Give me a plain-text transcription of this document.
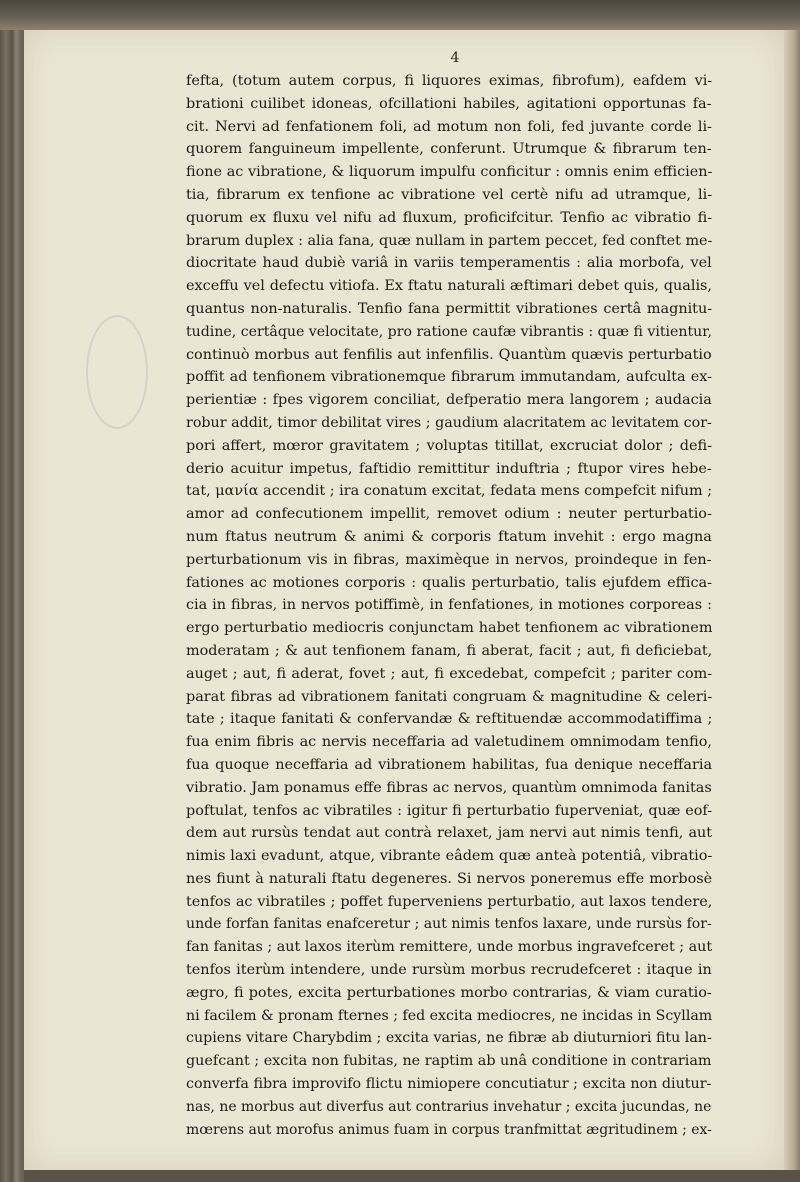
4
fefta, (totum autem corpus, fi liquores eximas, fibrofum), eafdem vi-
brationi cuilibet idoneas, ofcillationi habiles, agitationi opportunas fa-
cit. Nervi ad fenfationem foli, ad motum non foli, fed juvante corde li-
quorem fanguineum impellente, conferunt. Utrumque & fibrarum ten-
fione ac vibratione, & liquorum impulfu conficitur : omnis enim efficien-
tia, fibrarum ex tenfione ac vibratione vel certè nifu ad utramque, li-
quorum ex fluxu vel nifu ad fluxum, proficifcitur. Tenfio ac vibratio fi-
brarum duplex : alia fana, quæ nullam in partem peccet, fed conftet me-
diocritate haud dubiè variâ in variis temperamentis : alia morbofa, vel
exceffu vel defectu vitiofa. Ex ftatu naturali æftimari debet quis, qualis,
quantus non-naturalis. Tenfio fana permittit vibrationes certâ magnitu-
tudine, certâque velocitate, pro ratione caufæ vibrantis : quæ fi vitientur,
continuò morbus aut fenfilis aut infenfilis. Quantùm quævis perturbatio
poffit ad tenfionem vibrationemque fibrarum immutandam, aufculta ex-
perientiæ : fpes vigorem conciliat, defperatio mera langorem ; audacia
robur addit, timor debilitat vires ; gaudium alacritatem ac levitatem cor-
pori affert, mœror gravitatem ; voluptas titillat, excruciat dolor ; defi-
derio acuitur impetus, faftidio remittitur induftria ; ftupor vires hebe-
tat, μανία accendit ; ira conatum excitat, fedata mens compefcit nifum ;
amor ad confecutionem impellit, removet odium : neuter perturbatio-
num ftatus neutrum & animi & corporis ftatum invehit : ergo magna
perturbationum vis in fibras, maximèque in nervos, proindeque in fen-
fationes ac motiones corporis : qualis perturbatio, talis ejufdem effica-
cia in fibras, in nervos potiffimè, in fenfationes, in motiones corporeas :
ergo perturbatio mediocris conjunctam habet tenfionem ac vibrationem
moderatam ; & aut tenfionem fanam, fi aberat, facit ; aut, fi deficiebat,
auget ; aut, fi aderat, fovet ; aut, fi excedebat, compefcit ; pariter com-
parat fibras ad vibrationem fanitati congruam & magnitudine & celeri-
tate ; itaque fanitati & confervandæ & reftituendæ accommodatiffima ;
fua enim fibris ac nervis neceffaria ad valetudinem omnimodam tenfio,
fua quoque neceffaria ad vibrationem habilitas, fua denique neceffaria
vibratio. Jam ponamus effe fibras ac nervos, quantùm omnimoda fanitas
poftulat, tenfos ac vibratiles : igitur fi perturbatio fuperveniat, quæ eof-
dem aut rursùs tendat aut contrà relaxet, jam nervi aut nimis tenfi, aut
nimis laxi evadunt, atque, vibrante eâdem quæ anteà potentiâ, vibratio-
nes fiunt à naturali ftatu degeneres. Si nervos poneremus effe morbosè
tenfos ac vibratiles ; poffet fuperveniens perturbatio, aut laxos tendere,
unde forfan fanitas enafceretur ; aut nimis tenfos laxare, unde rursùs for-
fan fanitas ; aut laxos iterùm remittere, unde morbus ingravefceret ; aut
tenfos iterùm intendere, unde rursùm morbus recrudefceret : itaque in
ægro, fi potes, excita perturbationes morbo contrarias, & viam curatio-
ni facilem & pronam fternes ; fed excita mediocres, ne incidas in Scyllam
cupiens vitare Charybdim ; excita varias, ne fibræ ab diuturniori fitu lan-
guefcant ; excita non fubitas, ne raptim ab unâ conditione in contrariam
converfa fibra improvifo flictu nimiopere concutiatur ; excita non diutur-
nas, ne morbus aut diverfus aut contrarius invehatur ; excita jucundas, ne
mœrens aut morofus animus fuam in corpus tranfmittat ægritudinem ; ex-
